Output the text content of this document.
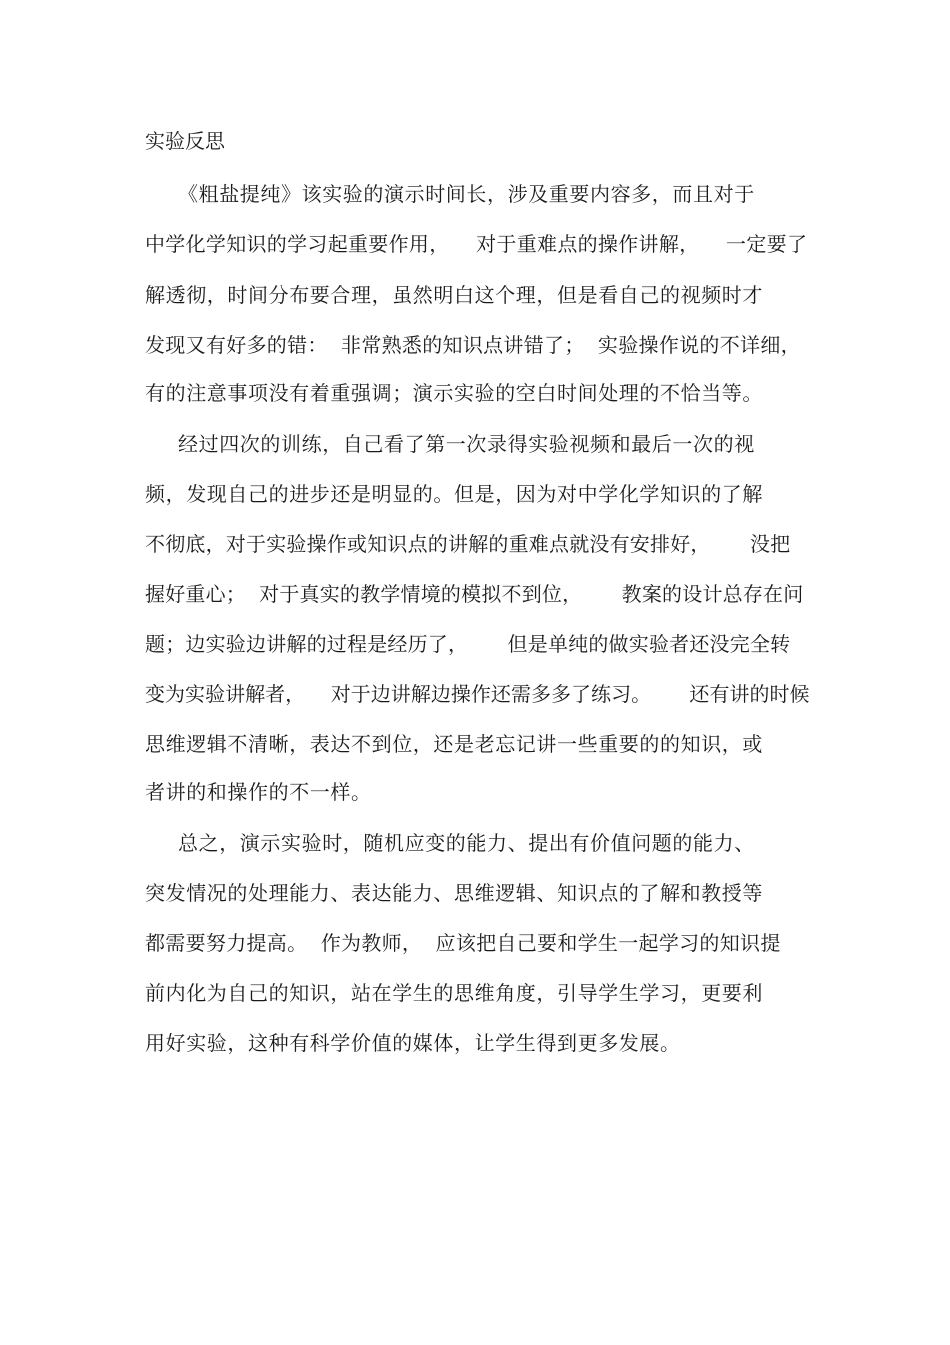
实验反思
《粗盐提纯》该实验的演示时间长，涉及重要内容多，而且对于
中学化学知识的学习起重要作用，    对于重难点的操作讲解，    一定要了
解透彻，时间分布要合理，虽然明白这个理，但是看自己的视频时才
发现又有好多的错：  非常熟悉的知识点讲错了；  实验操作说的不详细，
有的注意事项没有着重强调；演示实验的空白时间处理的不恰当等。
经过四次的训练，自己看了第一次录得实验视频和最后一次的视
频，发现自己的进步还是明显的。但是，因为对中学化学知识的了解
不彻底，对于实验操作或知识点的讲解的重难点就没有安排好，      没把
握好重心；  对于真实的教学情境的模拟不到位，      教案的设计总存在问
题；边实验边讲解的过程是经历了，      但是单纯的做实验者还没完全转
变为实验讲解者，    对于边讲解边操作还需多多了练习。      还有讲的时候
思维逻辑不清晰，表达不到位，还是老忘记讲一些重要的的知识，或
者讲的和操作的不一样。
总之，演示实验时，随机应变的能力、提出有价值问题的能力、
突发情况的处理能力、表达能力、思维逻辑、知识点的了解和教授等
都需要努力提高。  作为教师，  应该把自己要和学生一起学习的知识提
前内化为自己的知识，站在学生的思维角度，引导学生学习，更要利
用好实验，这种有科学价值的媒体，让学生得到更多发展。
